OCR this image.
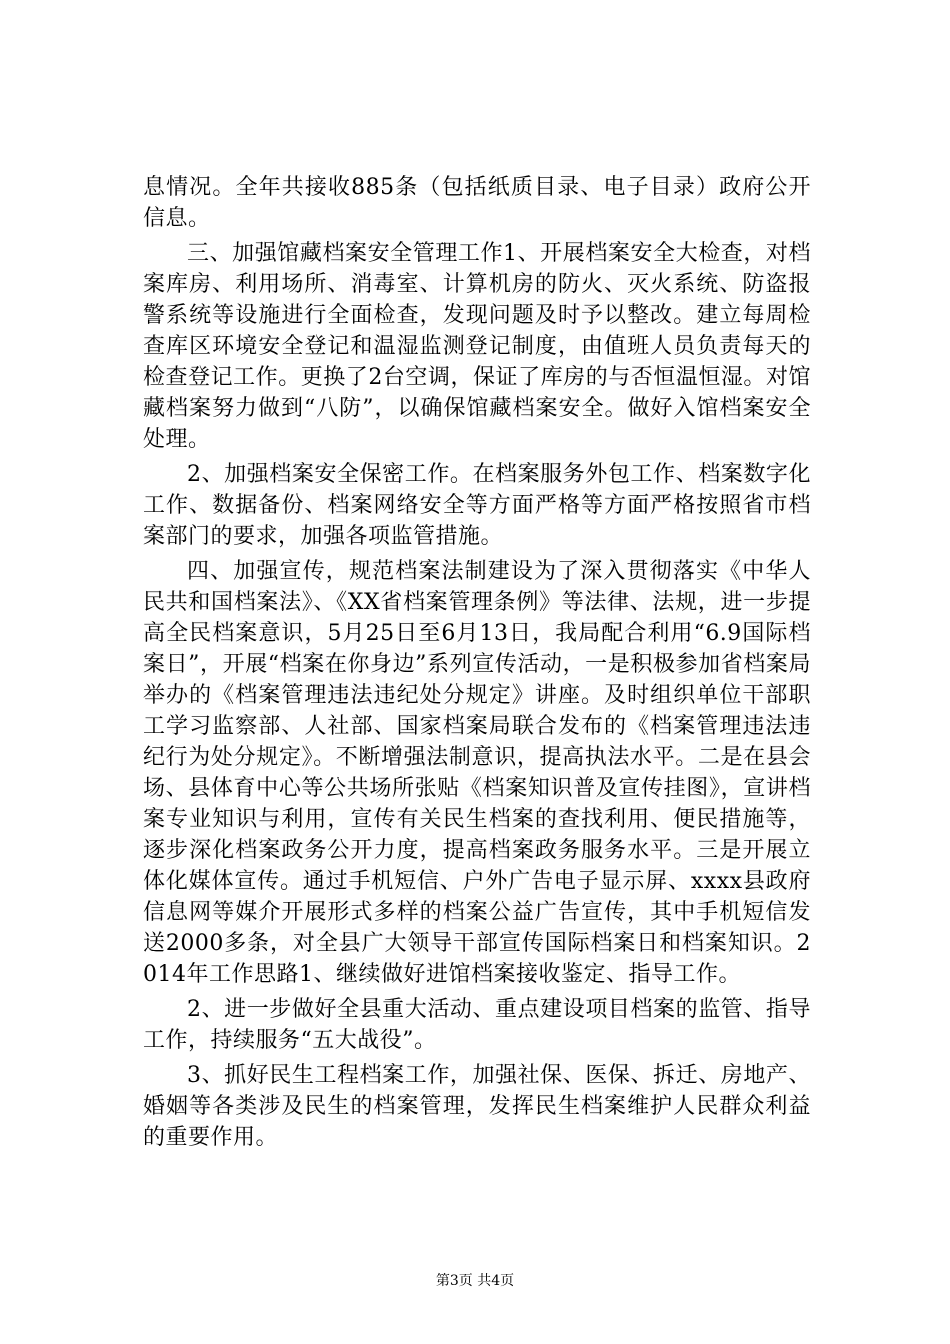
息情况。全年共接收885条（包括纸质目录、电子目录）政府公开信息。

三、加强馆藏档案安全管理工作1、开展档案安全大检查，对档案库房、利用场所、消毒室、计算机房的防火、灭火系统、防盗报警系统等设施进行全面检查，发现问题及时予以整改。建立每周检查库区环境安全登记和温湿监测登记制度，由值班人员负责每天的检查登记工作。更换了2台空调，保证了库房的与否恒温恒湿。对馆藏档案努力做到“八防”，以确保馆藏档案安全。做好入馆档案安全处理。

2、加强档案安全保密工作。在档案服务外包工作、档案数字化工作、数据备份、档案网络安全等方面严格等方面严格按照省市档案部门的要求，加强各项监管措施。

四、加强宣传，规范档案法制建设为了深入贯彻落实《中华人民共和国档案法》、《XX省档案管理条例》等法律、法规，进一步提高全民档案意识，5月25日至6月13日，我局配合利用“6.9国际档案日”，开展“档案在你身边”系列宣传活动，一是积极参加省档案局举办的《档案管理违法违纪处分规定》讲座。及时组织单位干部职工学习监察部、人社部、国家档案局联合发布的《档案管理违法违纪行为处分规定》。不断增强法制意识，提高执法水平。二是在县会场、县体育中心等公共场所张贴《档案知识普及宣传挂图》，宣讲档案专业知识与利用，宣传有关民生档案的查找利用、便民措施等，逐步深化档案政务公开力度，提高档案政务服务水平。三是开展立体化媒体宣传。通过手机短信、户外广告电子显示屏、xxxx县政府信息网等媒介开展形式多样的档案公益广告宣传，其中手机短信发送2000多条，对全县广大领导干部宣传国际档案日和档案知识。2014年工作思路1、继续做好进馆档案接收鉴定、指导工作。

2、进一步做好全县重大活动、重点建设项目档案的监管、指导工作，持续服务“五大战役”。

3、抓好民生工程档案工作，加强社保、医保、拆迁、房地产、婚姻等各类涉及民生的档案管理，发挥民生档案维护人民群众利益的重要作用。

第3页 共4页
